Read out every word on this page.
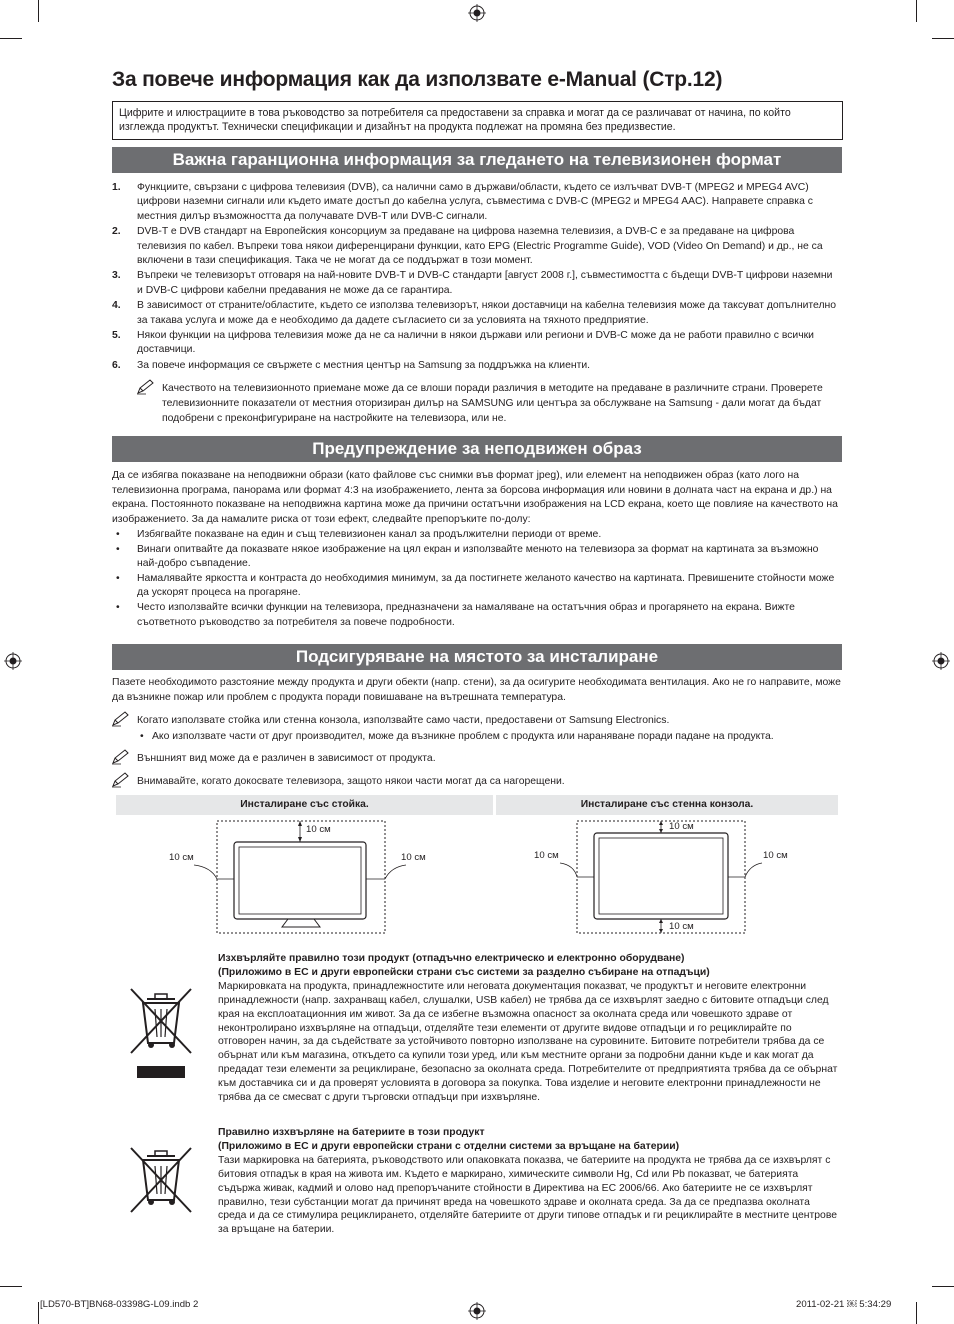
За повече информация как да използвате e-Manual (Стр.12)
Цифрите и илюстрациите в това ръководство за потребителя са предоставени за справка и могат да се различават от начина, по който изглежда продуктът. Технически спецификации и дизайнът на продукта подлежат на промяна без предизвестие.
Важна гаранционна информация за гледането на телевизионен формат
1. Функциите, свързани с цифрова телевизия (DVB), са налични само в държави/области, където се излъчват DVB-T (MPEG2 и MPEG4 AVC) цифрови наземни сигнали или където имате достъп до кабелна услуга, съвместима с DVB-C (MPEG2 и MPEG4 AAC). Направете справка с местния дилър възможността да получавате DVB-T или DVB-C сигнали.
2. DVB-T е DVB стандарт на Европейския консорциум за предаване на цифрова наземна телевизия, а DVB-C е за предаване на цифрова телевизия по кабел. Въпреки това някои диференцирани функции, като EPG (Electric Programme Guide), VOD (Video On Demand) и др., не са включени в тази спецификация. Така че не могат да се поддържат в този момент.
3. Въпреки че телевизорът отговаря на най-новите DVB-T и DVB-C стандарти [август 2008 г.], съвместимостта с бъдещи DVB-T цифрови наземни и DVB-C цифрови кабелни предавания не може да се гарантира.
4. В зависимост от страните/областите, където се използва телевизорът, някои доставчици на кабелна телевизия може да таксуват допълнително за такава услуга и може да е необходимо да дадете съгласието си за условията на тяхното предприятие.
5. Някои функции на цифрова телевизия може да не са налични в някои държави или региони и DVB-C може да не работи правилно с всички доставчици.
6. За повече информация се свържете с местния център на Samsung за поддръжка на клиенти.
Качеството на телевизионното приемане може да се влоши поради различия в методите на предаване в различните страни. Проверете телевизионните показатели от местния оторизиран дилър на SAMSUNG или центъра за обслужване на Samsung - дали могат да бъдат подобрени с преконфигуриране на настройките на телевизора, или не.
Предупреждение за неподвижен образ
Да се избягва показване на неподвижни образи (като файлове със снимки във формат jpeg), или елемент на неподвижен образ (като лого на телевизионна програма, панорама или формат 4:3 на изображението, лента за борсова информация или новини в долната част на екрана и др.) на екрана. Постоянното показване на неподвижна картина може да причини остатъчни изображения на LCD екрана, което ще повлияе на качеството на изображението. За да намалите риска от този ефект, следвайте препоръките по-долу:
• Избягвайте показване на един и същ телевизионен канал за продължителни периоди от време.
• Винаги опитвайте да показвате някое изображение на цял екран и използвайте менюто на телевизора за формат на картината за възможно най-добро съвпадение.
• Намалявайте яркостта и контраста до необходимия минимум, за да постигнете желаното качество на картината. Превишените стойности може да ускорят процеса на прогаряне.
• Често използвайте всички функции на телевизора, предназначени за намаляване на остатъчния образ и прогарянето на екрана. Вижте съответното ръководство за потребителя за повече подробности.
Подсигуряване на мястото за инсталиране
Пазете необходимото разстояние между продукта и други обекти (напр. стени), за да осигурите необходимата вентилация. Ако не го направите, може да възникне пожар или проблем с продукта поради повишаване на вътрешната температура.
Когато използвате стойка или стенна конзола, използвайте само части, предоставени от Samsung Electronics.
• Ако използвате части от друг производител, може да възникне проблем с продукта или нараняване поради падане на продукта.
Външният вид може да е различен в зависимост от продукта.
Внимавайте, когато докосвате телевизора, защото някои части могат да са нагорещени.
Инсталиране със стойка.	Инсталиране със стенна конзола.
10 см
10 см	10 см
10 см
10 см	10 см
10 см
Изхвърляйте правилно този продукт (отпадъчно електрическо и електронно оборудване)
(Приложимо в ЕС и други европейски страни със системи за разделно събиране на отпадъци)
Маркировката на продукта, принадлежностите или неговата документация показват, че продуктът и неговите електронни принадлежности (напр. захранващ кабел, слушалки, USB кабел) не трябва да се изхвърлят заедно с битовите отпадъци след края на експлоатационния им живот. За да се избегне възможна опасност за околната среда или човешкото здраве от неконтролирано изхвърляне на отпадъци, отделяйте тези елементи от другите видове отпадъци и го рециклирайте по отговорен начин, за да съдействате за устойчивото повторно използване на суровините. Битовите потребители трябва да се обърнат или към магазина, откъдето са купили този уред, или към местните органи за подробни данни къде и как могат да предадат тези елементи за рециклиране, безопасно за околната среда. Потребителите от предприятията трябва да се обърнат към доставчика си и да проверят условията в договора за покупка. Това изделие и неговите електронни принадлежности не трябва да се смесват с други търговски отпадъци при изхвърляне.
Правилно изхвърляне на батериите в този продукт
(Приложимо в ЕС и други европейски страни с отделни системи за връщане на батерии)
Тази маркировка на батерията, ръководството или опаковката показва, че батериите на продукта не трябва да се изхвърлят с битовия отпадък в края на живота им. Където е маркирано, химическите символи Hg, Cd или Pb показват, че батерията съдържа живак, кадмий и олово над препоръчаните стойности в Директива на ЕС 2006/66. Ако батериите не се изхвърлят правилно, тези субстанции могат да причинят вреда на човешкото здраве и околната среда. За да се предпазва околната среда и да се стимулира рециклирането, отделяйте батериите от други типове отпадък и ги рециклирайте в местните центрове за връщане на батерии.
[LD570-BT]BN68-03398G-L09.indb 2	2011-02-21 ￼ 5:34:29
